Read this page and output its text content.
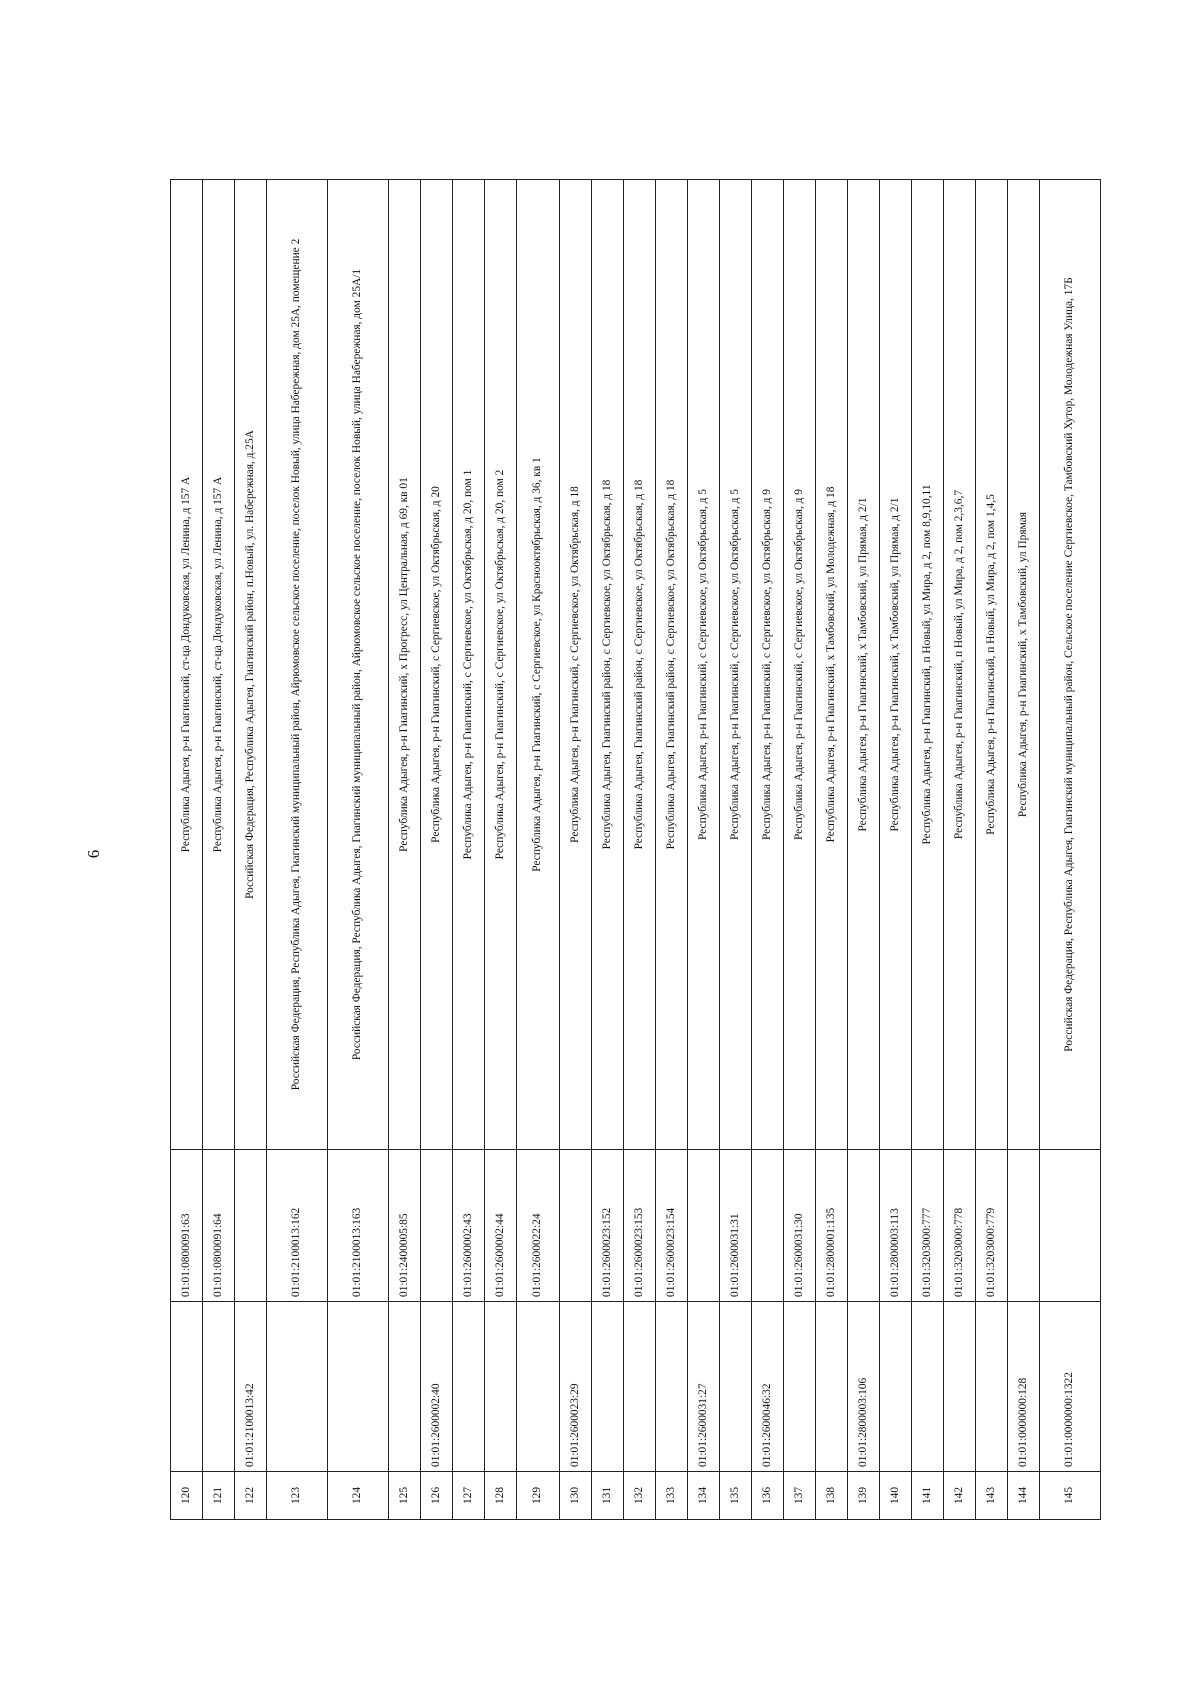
6
120		01:01:0800091:63	Республика Адыгея, р-н Гиагинский, ст-ца Дондуковская, ул Ленина, д 157 А
121		01:01:0800091:64	Республика Адыгея, р-н Гиагинский, ст-ца Дондуковская, ул Ленина, д 157 А
122	01:01:2100013:42		Российская Федерация, Республика Адыгея, Гиагинский район, п.Новый, ул. Набережная, д.25А
123		01:01:2100013:162	Российская Федерация, Республика Адыгея, Гиагинский муниципальный район, Айрюмовское сельское поселение, поселок Новый, улица Набережная, дом 25А, помещение 2
124		01:01:2100013:163	Российская Федерация, Республика Адыгея, Гиагинский муниципальный район, Айрюмовское сельское поселение, поселок Новый, улица Набережная, дом 25А/1
125		01:01:2400005:85	Республика Адыгея, р-н Гиагинский, х Прогресс, ул Центральная, д 69, кв 01
126	01:01:2600002:40		Республика Адыгея, р-н Гиагинский, с Сергиевское, ул Октябрьская, д 20
127		01:01:2600002:43	Республика Адыгея, р-н Гиагинский, с Сергиевское, ул Октябрьская, д 20, пом 1
128		01:01:2600002:44	Республика Адыгея, р-н Гиагинский, с Сергиевское, ул Октябрьская, д 20, пом 2
129		01:01:2600022:24	Республика Адыгея, р-н Гиагинский, с Сергиевское, ул Краснооктябрьская, д 36, кв 1
130	01:01:2600023:29		Республика Адыгея, р-н Гиагинский, с Сергиевское, ул Октябрьская, д 18
131		01:01:2600023:152	Республика Адыгея, Гиагинский район, с Сергиевское, ул Октябрьская, д 18
132		01:01:2600023:153	Республика Адыгея, Гиагинский район, с Сергиевское, ул Октябрьская, д 18
133		01:01:2600023:154	Республика Адыгея, Гиагинский район, с Сергиевское, ул Октябрьская, д 18
134	01:01:2600031:27		Республика Адыгея, р-н Гиагинский, с Сергиевское, ул Октябрьская, д 5
135		01:01:2600031:31	Республика Адыгея, р-н Гиагинский, с Сергиевское, ул Октябрьская, д 5
136	01:01:2600046:32		Республика Адыгея, р-н Гиагинский, с Сергиевское, ул Октябрьская, д 9
137		01:01:2600031:30	Республика Адыгея, р-н Гиагинский, с Сергиевское, ул Октябрьская, д 9
138		01:01:2800001:135	Республика Адыгея, р-н Гиагинский, х Тамбовский, ул Молодежная, д 18
139	01:01:2800003:106		Республика Адыгея, р-н Гиагинский, х Тамбовский, ул Прямая, д 2/1
140		01:01:2800003:113	Республика Адыгея, р-н Гиагинский, х Тамбовский, ул Прямая, д 2/1
141		01:01:3203000:777	Республика Адыгея, р-н Гиагинский, п Новый, ул Мира, д 2, пом 8,9,10,11
142		01:01:3203000:778	Республика Адыгея, р-н Гиагинский, п Новый, ул Мира, д 2, пом 2,3,6,7
143		01:01:3203000:779	Республика Адыгея, р-н Гиагинский, п Новый, ул Мира, д 2, пом 1,4,5
144	01:01:0000000:128		Республика Адыгея, р-н Гиагинский, х Тамбовский, ул Прямая
145	01:01:0000000:1322		Российская Федерация, Республика Адыгея, Гиагинский муниципальный район, Сельское поселение Сергиевское, Тамбовский Хутор, Молодежная Улица, 17Б
